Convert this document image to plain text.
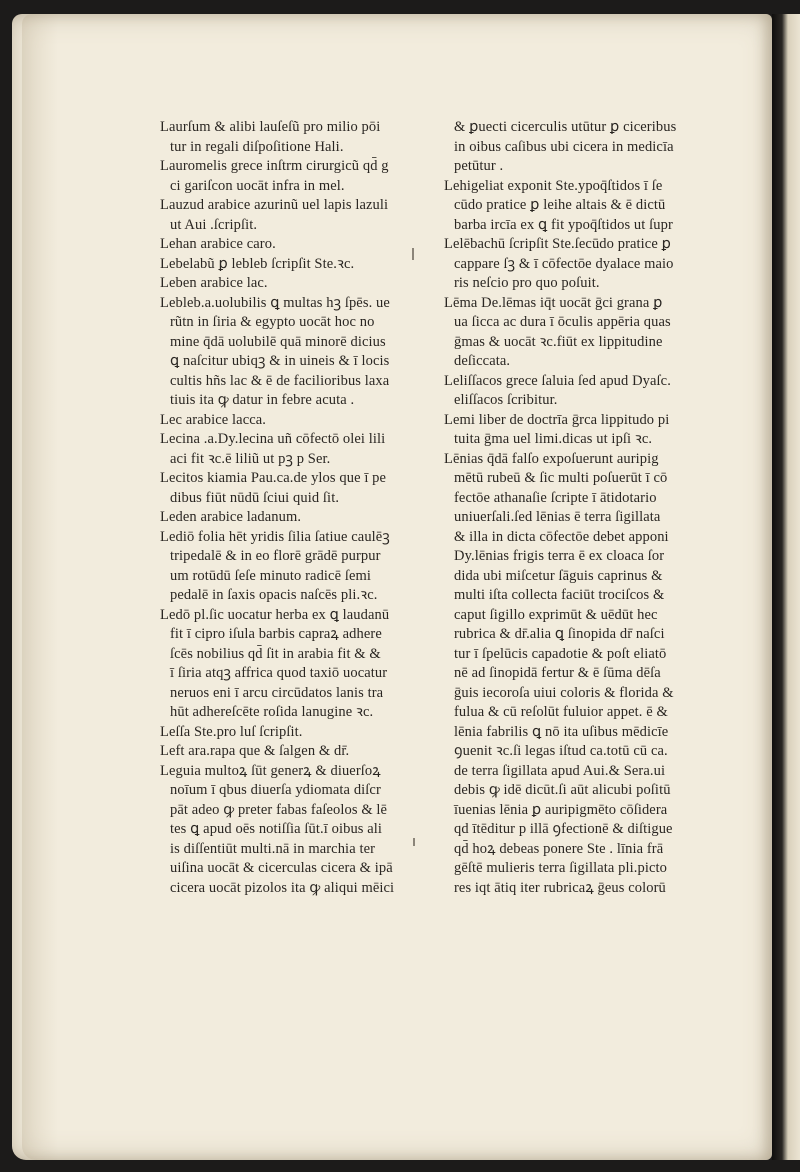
Laurſum & alibi lauſeſũ pro milio pōi
tur in regali diſpoſitione Hali.
Lauromelis grece inſtrm cirurgicũ qd̄ g
ci gariſcon uocāt infra in mel.
Lauzud arabice azurinũ uel lapis lazuli
ut Aui .ſcripſit.
Lehan arabice caro.
Lebelabũ ꝑ lebleb ſcripſit Ste.ꝛc.
Leben arabice lac.
Lebleb.a.uolubilis ꝗ multas hꝫ ſpēs. ue
rũtn in ſiria & egypto uocāt hoc no
mine q̄dā uolubilē quā minorē dicius
ꝗ naſcitur ubiqꝫ & in uineis & ī locis
cultis hñs lac & ē de facilioribus laxa
tiuis ita ꝙ datur in febre acuta .
Lec arabice lacca.
Lecina .a.Dy.lecina uñ cōfectō olei lili
aci fit ꝛc.ē liliũ ut pꝫ p Ser.
Lecitos kiamia Pau.ca.de ylos que ī pe
dibus fiūt nūdū ſciui quid ſit.
Leden arabice ladanum.
Lediō folia hēt yridis ſilia ſatiue caulēꝫ
tripedalē & in eo florē grādē purpur
um rotūdū ſeſe minuto radicē ſemi
pedalē in ſaxis opacis naſcēs pli.ꝛc.
Ledō pl.ſic uocatur herba ex ꝗ laudanū
fit ī cipro iſula barbis capraꝝ adhere
ſcēs nobilius qd̄ ſit in arabia fit & &
ī ſiria atqꝫ affrica quod taxiō uocatur
neruos eni ī arcu circūdatos lanis tra
hūt adhereſcēte roſida lanugine ꝛc.
Leſſa Ste.pro luſ ſcripſit.
Left ara.rapa que & ſalgen & dr̄.
Leguia multoꝝ ſūt generꝝ & diuerſoꝝ
noīum ī qbus diuerſa ydiomata diſcr
pāt adeo ꝙ preter fabas faſeolos & lē
tes ꝗ apud oēs notiſſia ſūt.ī oibus ali
is diſſentiūt multi.nā in marchia ter
uiſina uocāt & cicerculas cicera & ipā
cicera uocāt pizolos ita ꝙ aliqui mēici
& ꝑuecti cicerculis utūtur ꝑ ciceribus
in oibus caſibus ubi cicera in medicīa
petūtur .
Lehigeliat exponit Ste.ypoq̄ſtidos ī ſe
cūdo pratice ꝑ leihe altais & ē dictū
barba ircīa ex ꝗ fit ypoq̄ſtidos ut ſupr
Lelēbachū ſcripſit Ste.ſecūdo pratice ꝑ
cappare ſꝫ & ī cōfectōe dyalace maio
ris neſcio pro quo poſuit.
Lēma De.lēmas iq̄t uocāt ḡci grana ꝑ
ua ſicca ac dura ī ōculis appēria quas
ḡmas & uocāt ꝛc.fiūt ex lippitudine
deſiccata.
Leliſſacos grece ſaluia ſed apud Dyaſc.
eliſſacos ſcribitur.
Lemi liber de doctrīa ḡrca lippitudo pi
tuita ḡma uel limi.dicas ut ipſi ꝛc.
Lēnias q̄dā falſo expoſuerunt auripig
mētū rubeū & ſic multi poſuerūt ī cō
fectōe athanaſie ſcripte ī ātidotario
uniuerſali.ſed lēnias ē terra ſigillata
& illa in dicta cōfectōe debet apponi
Dy.lēnias frigis terra ē ex cloaca ſor
dida ubi miſcetur ſāguis caprinus &
multi iſta collecta faciūt trociſcos &
caput ſigillo exprimūt & uēdūt hec
rubrica & dr̄.alia ꝗ ſinopida dr̄ naſci
tur ī ſpelūcis capadotie & poſt eliatō
nē ad ſinopidā fertur & ē ſūma dēſa
ḡuis iecoroſa uiui coloris & florida &
fulua & cū reſolūt fuluior appet. ē &
lēnia fabrilis ꝗ nō ita uſibus mēdicīe
ꝯuenit ꝛc.ſi legas iſtud ca.totū cū ca.
de terra ſigillata apud Aui.& Sera.ui
debis ꝙ idē dicūt.ſi aūt alicubi poſitū
īuenias lēnia ꝑ auripigmēto cōſidera
qd ītēditur p illā ꝯfectionē & diſtigue
qd̄ hoꝝ debeas ponere Ste . līnia frā
gēſtē mulieris terra ſigillata pli.picto
res iqt ātiq iter rubricaꝝ ḡeus colorū
